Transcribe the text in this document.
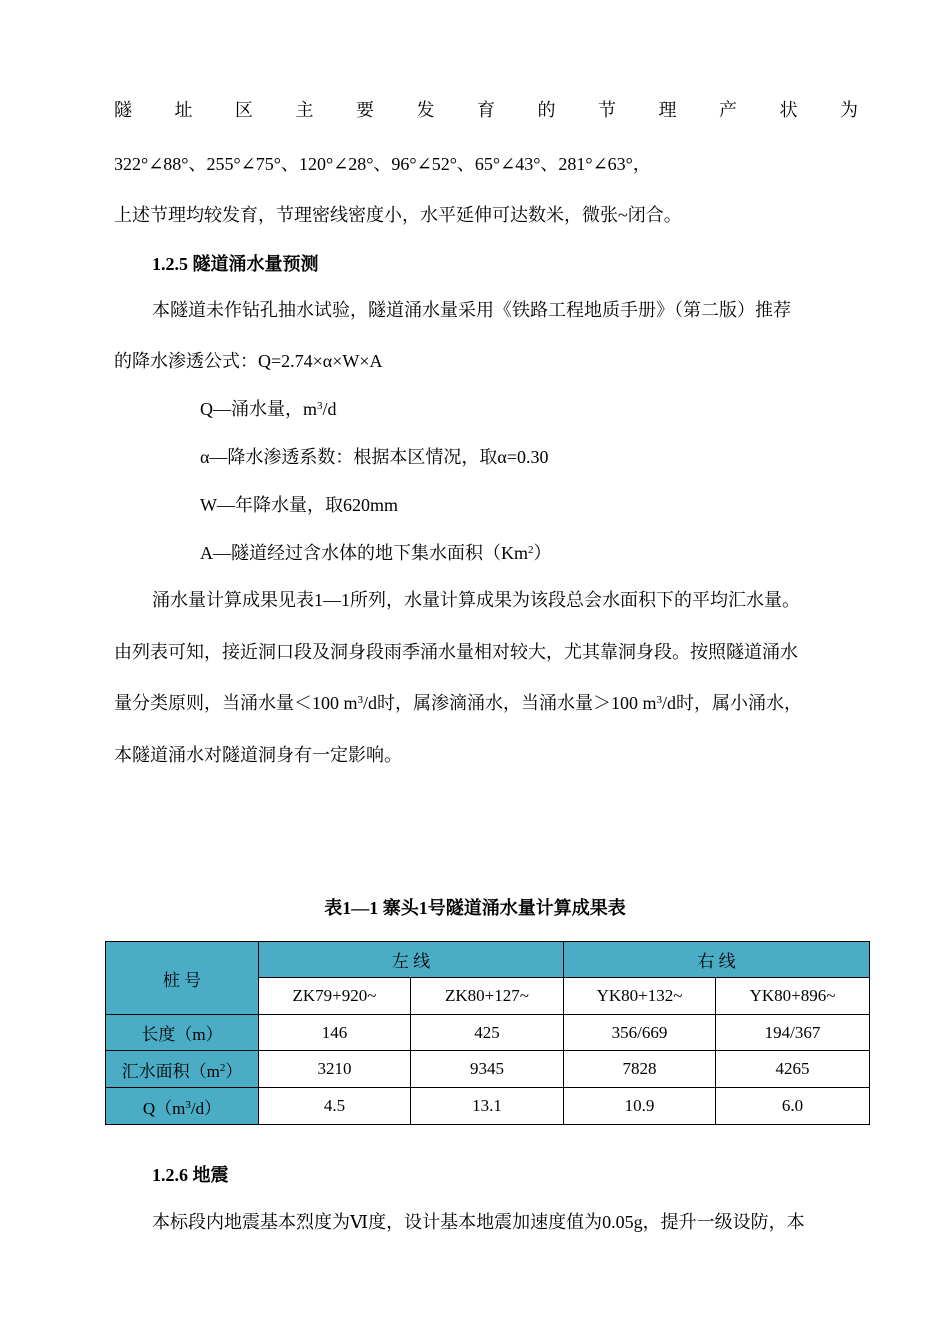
隧 址 区 主 要 发 育 的 节 理 产 状 为
322°∠88°、255°∠75°、120°∠28°、96°∠52°、65°∠43°、281°∠63°，
上述节理均较发育，节理密线密度小，水平延伸可达数米，微张~闭合。
1.2.5 隧道涌水量预测
本隧道未作钻孔抽水试验，隧道涌水量采用《铁路工程地质手册》（第二版）推荐
的降水渗透公式：Q=2.74×α×W×A
Q—涌水量，$m^3/d$
α—降水渗透系数：根据本区情况，取α=0.30
W—年降水量，取620mm
A—隧道经过含水体的地下集水面积（Km$^2$）
涌水量计算成果见表1—1所列，水量计算成果为该段总会水面积下的平均汇水量。
由列表可知，接近洞口段及洞身段雨季涌水量相对较大，尤其靠洞身段。按照隧道涌水
量分类原则，当涌水量＜100 $m^3/d$时，属渗滴涌水，当涌水量＞100 $m^3/d$时，属小涌水，
本隧道涌水对隧道洞身有一定影响。
表1—1 寨头1号隧道涌水量计算成果表
桩 号	左 线		右 线	
	ZK79+920~	ZK80+127~	YK80+132~	YK80+896~
长度（m）	146	425	356/669	194/367
汇水面积$(m^2)$	3210	9345	7828	4265
$Q(m^3/d)$	4.5	13.1	10.9	6.0
1.2.6 地震
本标段内地震基本烈度为Ⅵ度，设计基本地震加速度值为0.05g，提升一级设防，本
